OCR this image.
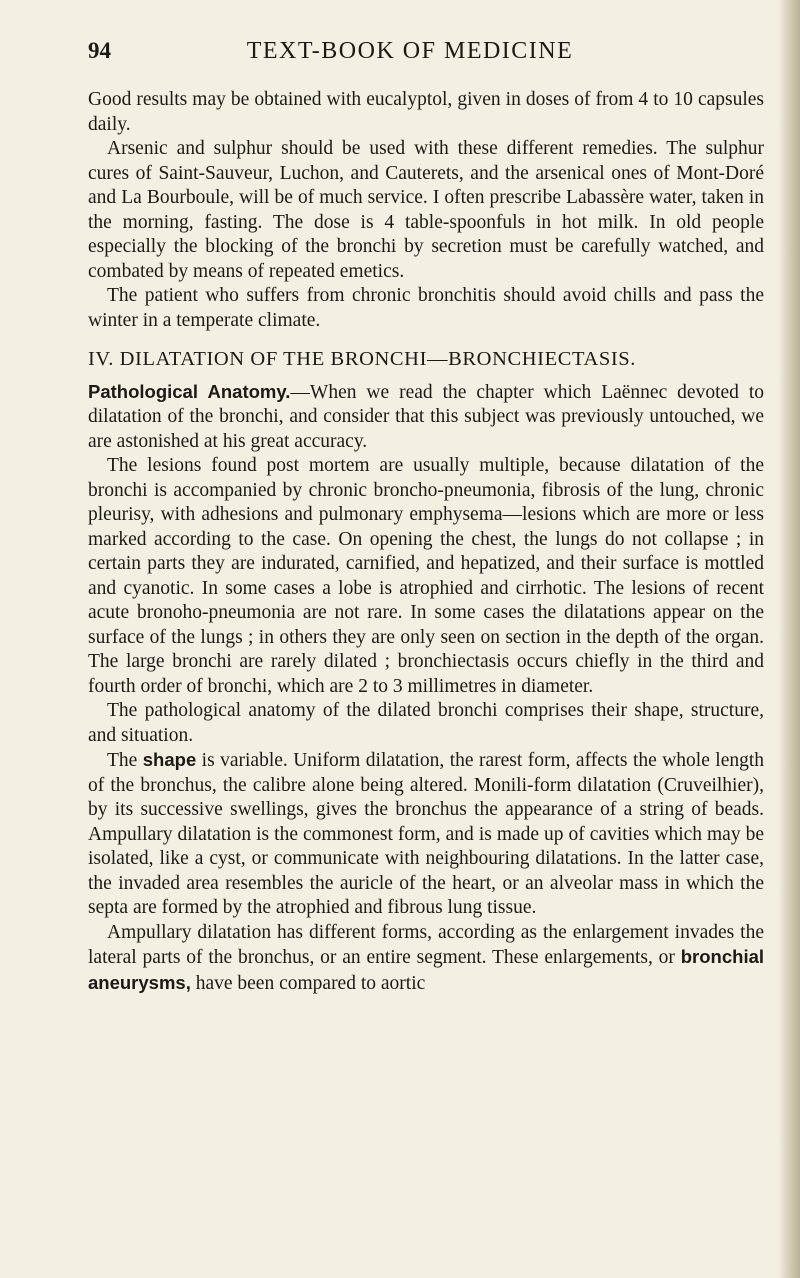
94	TEXT-BOOK OF MEDICINE

Good results may be obtained with eucalyptol, given in doses of from 4 to 10 capsules daily.

Arsenic and sulphur should be used with these different remedies. The sulphur cures of Saint-Sauveur, Luchon, and Cauterets, and the arsenical ones of Mont-Doré and La Bourboule, will be of much service. I often prescribe Labassère water, taken in the morning, fasting. The dose is 4 table-spoonfuls in hot milk. In old people especially the blocking of the bronchi by secretion must be carefully watched, and combated by means of repeated emetics.

The patient who suffers from chronic bronchitis should avoid chills and pass the winter in a temperate climate.

IV. DILATATION OF THE BRONCHI—BRONCHIECTASIS.

Pathological Anatomy.—When we read the chapter which Laënnec devoted to dilatation of the bronchi, and consider that this subject was previously untouched, we are astonished at his great accuracy.

The lesions found post mortem are usually multiple, because dilatation of the bronchi is accompanied by chronic broncho-pneumonia, fibrosis of the lung, chronic pleurisy, with adhesions and pulmonary emphysema—lesions which are more or less marked according to the case. On opening the chest, the lungs do not collapse ; in certain parts they are indurated, carnified, and hepatized, and their surface is mottled and cyanotic. In some cases a lobe is atrophied and cirrhotic. The lesions of recent acute bronoho-pneumonia are not rare. In some cases the dilatations appear on the surface of the lungs ; in others they are only seen on section in the depth of the organ. The large bronchi are rarely dilated ; bronchiectasis occurs chiefly in the third and fourth order of bronchi, which are 2 to 3 millimetres in diameter.

The pathological anatomy of the dilated bronchi comprises their shape, structure, and situation.

The shape is variable. Uniform dilatation, the rarest form, affects the whole length of the bronchus, the calibre alone being altered. Monili-form dilatation (Cruveilhier), by its successive swellings, gives the bronchus the appearance of a string of beads. Ampullary dilatation is the commonest form, and is made up of cavities which may be isolated, like a cyst, or communicate with neighbouring dilatations. In the latter case, the invaded area resembles the auricle of the heart, or an alveolar mass in which the septa are formed by the atrophied and fibrous lung tissue.

Ampullary dilatation has different forms, according as the enlargement invades the lateral parts of the bronchus, or an entire segment. These enlargements, or bronchial aneurysms, have been compared to aortic
